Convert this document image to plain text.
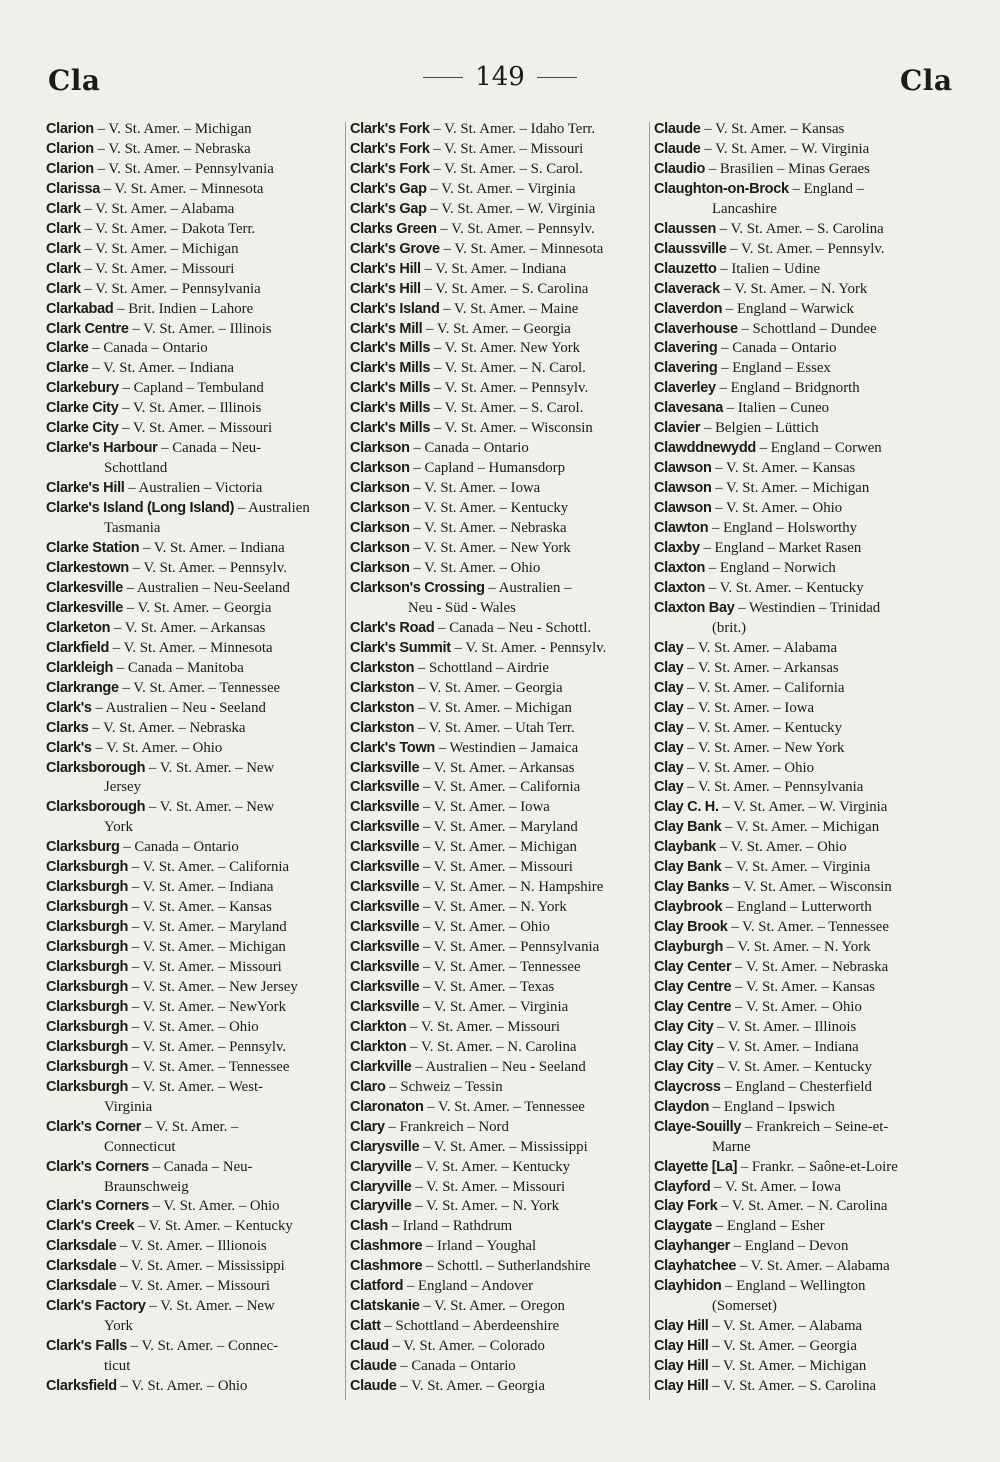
Cla	149	Cla
Clarion – V. St. Amer. – Michigan
Clarion – V. St. Amer. – Nebraska
Clarion – V. St. Amer. – Pennsylvania
Clarissa – V. St. Amer. – Minnesota
Clark – V. St. Amer. – Alabama
Clark – V. St. Amer. – Dakota Terr.
Clark – V. St. Amer. – Michigan
Clark – V. St. Amer. – Missouri
Clark – V. St. Amer. – Pennsylvania
Clarkabad – Brit. Indien – Lahore
Clark Centre – V. St. Amer. – Illinois
Clarke – Canada – Ontario
Clarke – V. St. Amer. – Indiana
Clarkebury – Capland – Tembuland
Clarke City – V. St. Amer. – Illinois
Clarke City – V. St. Amer. – Missouri
Clarke's Harbour – Canada – Neu-
Schottland
Clarke's Hill – Australien – Victoria
Clarke's Island (Long Island) – Australien
Tasmania
Clarke Station – V. St. Amer. – Indiana
Clarkestown – V. St. Amer. – Pennsylv.
Clarkesville – Australien – Neu-Seeland
Clarkesville – V. St. Amer. – Georgia
Clarketon – V. St. Amer. – Arkansas
Clarkfield – V. St. Amer. – Minnesota
Clarkleigh – Canada – Manitoba
Clarkrange – V. St. Amer. – Tennessee
Clark's – Australien – Neu - Seeland
Clarks – V. St. Amer. – Nebraska
Clark's – V. St. Amer. – Ohio
Clarksborough – V. St. Amer. – New
Jersey
Clarksborough – V. St. Amer. – New
York
Clarksburg – Canada – Ontario
Clarksburgh – V. St. Amer. – California
Clarksburgh – V. St. Amer. – Indiana
Clarksburgh – V. St. Amer. – Kansas
Clarksburgh – V. St. Amer. – Maryland
Clarksburgh – V. St. Amer. – Michigan
Clarksburgh – V. St. Amer. – Missouri
Clarksburgh – V. St. Amer. – New Jersey
Clarksburgh – V. St. Amer. – NewYork
Clarksburgh – V. St. Amer. – Ohio
Clarksburgh – V. St. Amer. – Pennsylv.
Clarksburgh – V. St. Amer. – Tennessee
Clarksburgh – V. St. Amer. – West-
Virginia
Clark's Corner – V. St. Amer. –
Connecticut
Clark's Corners – Canada – Neu-
Braunschweig
Clark's Corners – V. St. Amer. – Ohio
Clark's Creek – V. St. Amer. – Kentucky
Clarksdale – V. St. Amer. – Illionois
Clarksdale – V. St. Amer. – Mississippi
Clarksdale – V. St. Amer. – Missouri
Clark's Factory – V. St. Amer. – New
York
Clark's Falls – V. St. Amer. – Connec-
ticut
Clarksfield – V. St. Amer. – Ohio
Clark's Fork – V. St. Amer. – Idaho Terr.
Clark's Fork – V. St. Amer. – Missouri
Clark's Fork – V. St. Amer. – S. Carol.
Clark's Gap – V. St. Amer. – Virginia
Clark's Gap – V. St. Amer. – W. Virginia
Clarks Green – V. St. Amer. – Pennsylv.
Clark's Grove – V. St. Amer. – Minnesota
Clark's Hill – V. St. Amer. – Indiana
Clark's Hill – V. St. Amer. – S. Carolina
Clark's Island – V. St. Amer. – Maine
Clark's Mill – V. St. Amer. – Georgia
Clark's Mills – V. St. Amer. New York
Clark's Mills – V. St. Amer. – N. Carol.
Clark's Mills – V. St. Amer. – Pennsylv.
Clark's Mills – V. St. Amer. – S. Carol.
Clark's Mills – V. St. Amer. – Wisconsin
Clarkson – Canada – Ontario
Clarkson – Capland – Humansdorp
Clarkson – V. St. Amer. – Iowa
Clarkson – V. St. Amer. – Kentucky
Clarkson – V. St. Amer. – Nebraska
Clarkson – V. St. Amer. – New York
Clarkson – V. St. Amer. – Ohio
Clarkson's Crossing – Australien –
Neu - Süd - Wales
Clark's Road – Canada – Neu - Schottl.
Clark's Summit – V. St. Amer. - Pennsylv.
Clarkston – Schottland – Airdrie
Clarkston – V. St. Amer. – Georgia
Clarkston – V. St. Amer. – Michigan
Clarkston – V. St. Amer. – Utah Terr.
Clark's Town – Westindien – Jamaica
Clarksville – V. St. Amer. – Arkansas
Clarksville – V. St. Amer. – California
Clarksville – V. St. Amer. – Iowa
Clarksville – V. St. Amer. – Maryland
Clarksville – V. St. Amer. – Michigan
Clarksville – V. St. Amer. – Missouri
Clarksville – V. St. Amer. – N. Hampshire
Clarksville – V. St. Amer. – N. York
Clarksville – V. St. Amer. – Ohio
Clarksville – V. St. Amer. – Pennsylvania
Clarksville – V. St. Amer. – Tennessee
Clarksville – V. St. Amer. – Texas
Clarksville – V. St. Amer. – Virginia
Clarkton – V. St. Amer. – Missouri
Clarkton – V. St. Amer. – N. Carolina
Clarkville – Australien – Neu - Seeland
Claro – Schweiz – Tessin
Claronaton – V. St. Amer. – Tennessee
Clary – Frankreich – Nord
Clarysville – V. St. Amer. – Mississippi
Claryville – V. St. Amer. – Kentucky
Claryville – V. St. Amer. – Missouri
Claryville – V. St. Amer. – N. York
Clash – Irland – Rathdrum
Clashmore – Irland – Youghal
Clashmore – Schottl. – Sutherlandshire
Clatford – England – Andover
Clatskanie – V. St. Amer. – Oregon
Clatt – Schottland – Aberdeenshire
Claud – V. St. Amer. – Colorado
Claude – Canada – Ontario
Claude – V. St. Amer. – Georgia
Claude – V. St. Amer. – Kansas
Claude – V. St. Amer. – W. Virginia
Claudio – Brasilien – Minas Geraes
Claughton-on-Brock – England –
Lancashire
Claussen – V. St. Amer. – S. Carolina
Claussville – V. St. Amer. – Pennsylv.
Clauzetto – Italien – Udine
Claverack – V. St. Amer. – N. York
Claverdon – England – Warwick
Claverhouse – Schottland – Dundee
Clavering – Canada – Ontario
Clavering – England – Essex
Claverley – England – Bridgnorth
Clavesana – Italien – Cuneo
Clavier – Belgien – Lüttich
Clawddnewydd – England – Corwen
Clawson – V. St. Amer. – Kansas
Clawson – V. St. Amer. – Michigan
Clawson – V. St. Amer. – Ohio
Clawton – England – Holsworthy
Claxby – England – Market Rasen
Claxton – England – Norwich
Claxton – V. St. Amer. – Kentucky
Claxton Bay – Westindien – Trinidad
(brit.)
Clay – V. St. Amer. – Alabama
Clay – V. St. Amer. – Arkansas
Clay – V. St. Amer. – California
Clay – V. St. Amer. – Iowa
Clay – V. St. Amer. – Kentucky
Clay – V. St. Amer. – New York
Clay – V. St. Amer. – Ohio
Clay – V. St. Amer. – Pennsylvania
Clay C. H. – V. St. Amer. – W. Virginia
Clay Bank – V. St. Amer. – Michigan
Claybank – V. St. Amer. – Ohio
Clay Bank – V. St. Amer. – Virginia
Clay Banks – V. St. Amer. – Wisconsin
Claybrook – England – Lutterworth
Clay Brook – V. St. Amer. – Tennessee
Clayburgh – V. St. Amer. – N. York
Clay Center – V. St. Amer. – Nebraska
Clay Centre – V. St. Amer. – Kansas
Clay Centre – V. St. Amer. – Ohio
Clay City – V. St. Amer. – Illinois
Clay City – V. St. Amer. – Indiana
Clay City – V. St. Amer. – Kentucky
Claycross – England – Chesterfield
Claydon – England – Ipswich
Claye-Souilly – Frankreich – Seine-et-
Marne
Clayette [La] – Frankr. – Saône-et-Loire
Clayford – V. St. Amer. – Iowa
Clay Fork – V. St. Amer. – N. Carolina
Claygate – England – Esher
Clayhanger – England – Devon
Clayhatchee – V. St. Amer. – Alabama
Clayhidon – England – Wellington
(Somerset)
Clay Hill – V. St. Amer. – Alabama
Clay Hill – V. St. Amer. – Georgia
Clay Hill – V. St. Amer. – Michigan
Clay Hill – V. St. Amer. – S. Carolina
